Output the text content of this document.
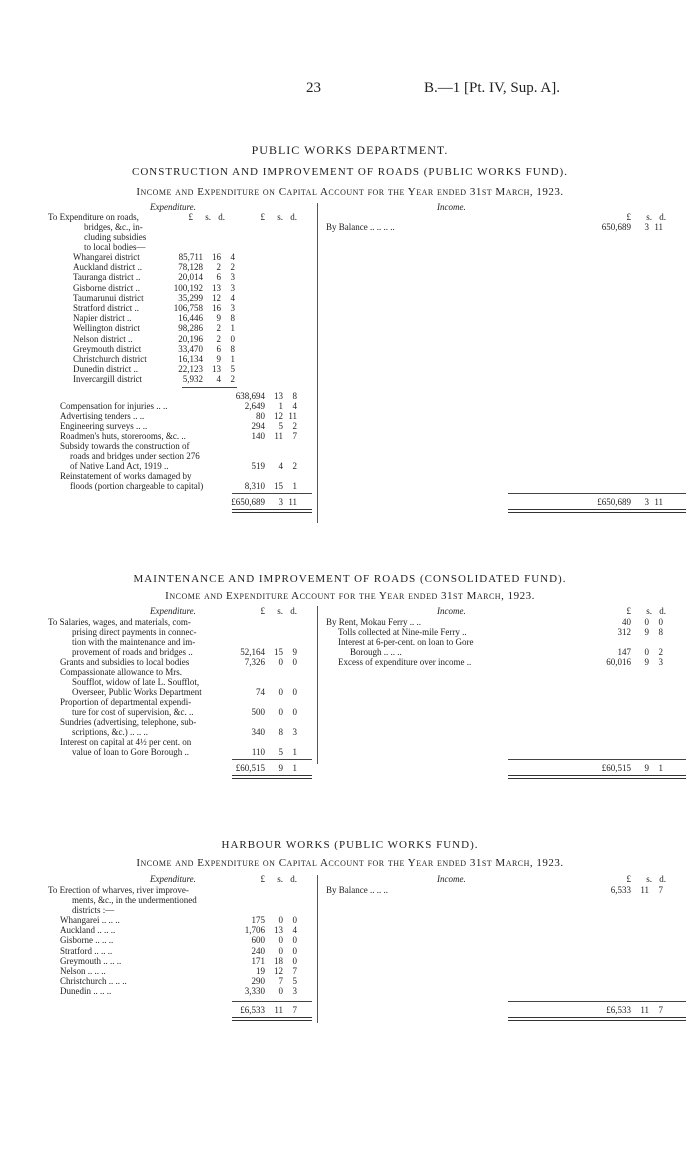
23	B.—1 [Pt. IV, Sup. A].
PUBLIC WORKS DEPARTMENT.
CONSTRUCTION AND IMPROVEMENT OF ROADS (PUBLIC WORKS FUND).
Income and Expenditure on Capital Account for the Year ended 31st March, 1923.
Expenditure.	Income.
£	s. d.	£	s. d.	£	s. d.
To Expenditure on roads,
bridges, &c., in-
cluding subsidies
to local bodies—
Whangarei district	85,711	16	4
Auckland district ..	78,128	2	2
Tauranga district ..	20,014	6	3
Gisborne district ..	100,192	13	3
Taumarunui district	35,299	12	4
Stratford district ..	106,758	16	3
Napier district ..	16,446	9	8
Wellington district	98,286	2	1
Nelson district ..	20,196	2	0
Greymouth district	33,470	6	8
Christchurch district	16,134	9	1
Dunedin district ..	22,123	13	5
Invercargill district	5,932	4	2
638,694	13	8
Compensation for injuries .. ..	2,649	1	4
Advertising tenders .. ..	80	12 11
Engineering surveys .. ..	294	5	2
Roadmen's huts, storerooms, &c. ..	140	11	7
Subsidy towards the construction of
roads and bridges under section 276
of Native Land Act, 1919 ..	519	4	2
Reinstatement of works damaged by
floods (portion chargeable to capital)	8,310	15	1
£650,689	3 11
By Balance .. .. .. ..	650,689	3 11
£650,689	3 11
MAINTENANCE AND IMPROVEMENT OF ROADS (CONSOLIDATED FUND).
Income and Expenditure Account for the Year ended 31st March, 1923.
Expenditure.	Income.
£	s. d.	£	s. d.
To Salaries, wages, and materials, com-
prising direct payments in connec-
tion with the maintenance and im-
provement of roads and bridges ..	52,164	15	9
Grants and subsidies to local bodies	7,326	0	0
Compassionate allowance to Mrs.
Soufflot, widow of late L. Soufflot,
Overseer, Public Works Department	74	0	0
Proportion of departmental expendi-
ture for cost of supervision, &c. ..	500	0	0
Sundries (advertising, telephone, sub-
scriptions, &c.) .. .. ..	340	8	3
Interest on capital at 4½ per cent. on
value of loan to Gore Borough ..	110	5	1
£60,515	9	1
By Rent, Mokau Ferry .. ..	40	0	0
Tolls collected at Nine-mile Ferry ..	312	9	8
Interest at 6-per-cent. on loan to Gore
Borough .. .. ..	147	0	2
Excess of expenditure over income ..	60,016	9	3
£60,515	9	1
HARBOUR WORKS (PUBLIC WORKS FUND).
Income and Expenditure on Capital Account for the Year ended 31st March, 1923.
Expenditure.	Income.
£	s. d.	£	s. d.
To Erection of wharves, river improve-
ments, &c., in the undermentioned
districts :—
Whangarei .. .. ..	175	0	0
Auckland .. .. ..	1,706	13	4
Gisborne .. .. ..	600	0	0
Stratford .. .. ..	240	0	0
Greymouth .. .. ..	171	18	0
Nelson .. .. ..	19	12	7
Christchurch .. .. ..	290	7	5
Dunedin .. .. ..	3,330	0	3
£6,533	11	7
By Balance .. .. ..	6,533	11	7
£6,533	11	7
